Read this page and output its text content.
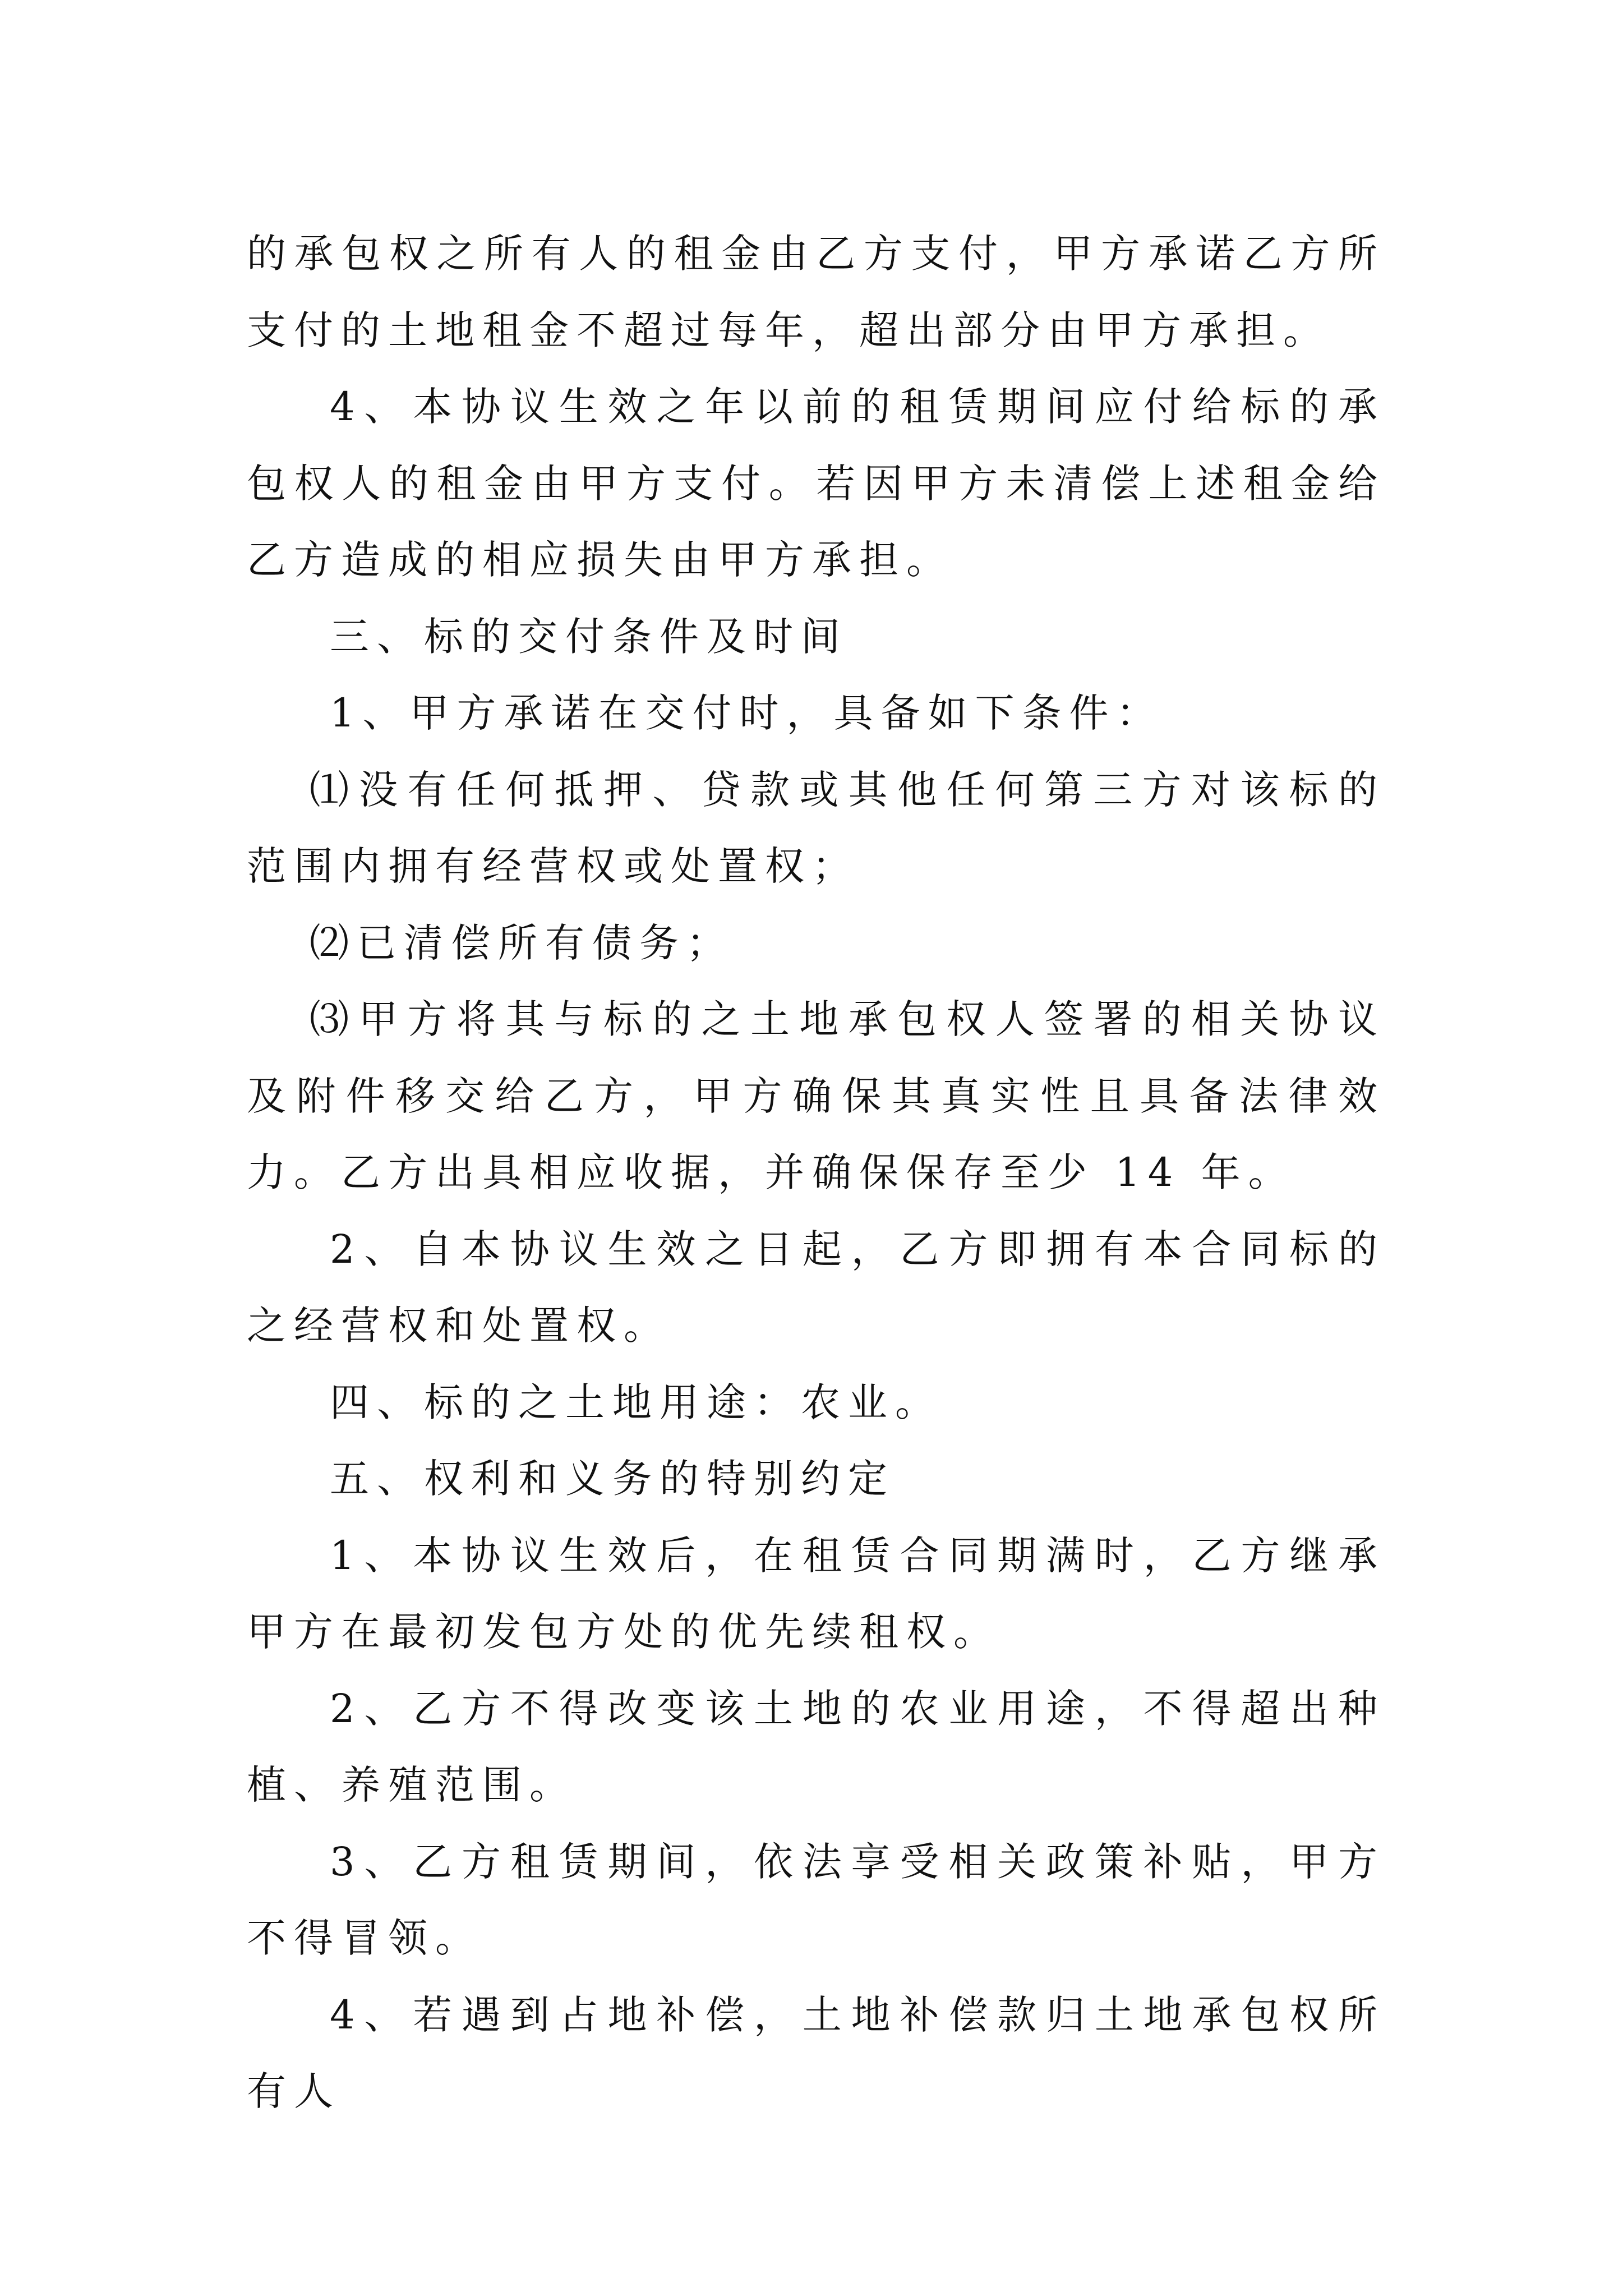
的承包权之所有人的租金由乙方支付，甲方承诺乙方所支付的土地租金不超过每年，超出部分由甲方承担。

4、本协议生效之年以前的租赁期间应付给标的承包权人的租金由甲方支付。若因甲方未清偿上述租金给乙方造成的相应损失由甲方承担。

三、标的交付条件及时间

1、甲方承诺在交付时，具备如下条件：

⑴没有任何抵押、贷款或其他任何第三方对该标的范围内拥有经营权或处置权；

⑵已清偿所有债务；

⑶甲方将其与标的之土地承包权人签署的相关协议及附件移交给乙方，甲方确保其真实性且具备法律效力。乙方出具相应收据，并确保保存至少 14 年。

2、自本协议生效之日起，乙方即拥有本合同标的之经营权和处置权。

四、标的之土地用途：农业。

五、权利和义务的特别约定

1、本协议生效后，在租赁合同期满时，乙方继承甲方在最初发包方处的优先续租权。

2、乙方不得改变该土地的农业用途，不得超出种植、养殖范围。

3、乙方租赁期间，依法享受相关政策补贴，甲方不得冒领。

4、若遇到占地补偿，土地补偿款归土地承包权所有人
